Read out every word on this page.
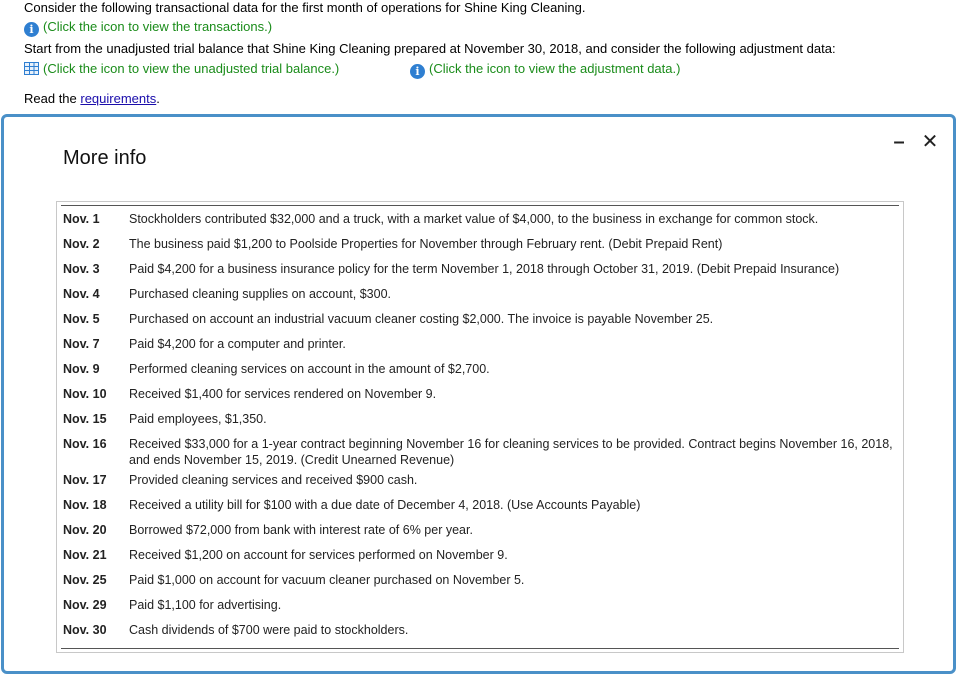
Consider the following transactional data for the first month of operations for Shine King Cleaning.
i (Click the icon to view the transactions.)
Start from the unadjusted trial balance that Shine King Cleaning prepared at November 30, 2018, and consider the following adjustment data:
(Click the icon to view the unadjusted trial balance.)	i (Click the icon to view the adjustment data.)
Read the requirements.
More info
– ✕
Nov. 1	Stockholders contributed $32,000 and a truck, with a market value of $4,000, to the business in exchange for common stock.
Nov. 2	The business paid $1,200 to Poolside Properties for November through February rent. (Debit Prepaid Rent)
Nov. 3	Paid $4,200 for a business insurance policy for the term November 1, 2018 through October 31, 2019. (Debit Prepaid Insurance)
Nov. 4	Purchased cleaning supplies on account, $300.
Nov. 5	Purchased on account an industrial vacuum cleaner costing $2,000. The invoice is payable November 25.
Nov. 7	Paid $4,200 for a computer and printer.
Nov. 9	Performed cleaning services on account in the amount of $2,700.
Nov. 10	Received $1,400 for services rendered on November 9.
Nov. 15	Paid employees, $1,350.
Nov. 16	Received $33,000 for a 1-year contract beginning November 16 for cleaning services to be provided. Contract begins November 16, 2018, and ends November 15, 2019. (Credit Unearned Revenue)
Nov. 17	Provided cleaning services and received $900 cash.
Nov. 18	Received a utility bill for $100 with a due date of December 4, 2018. (Use Accounts Payable)
Nov. 20	Borrowed $72,000 from bank with interest rate of 6% per year.
Nov. 21	Received $1,200 on account for services performed on November 9.
Nov. 25	Paid $1,000 on account for vacuum cleaner purchased on November 5.
Nov. 29	Paid $1,100 for advertising.
Nov. 30	Cash dividends of $700 were paid to stockholders.
